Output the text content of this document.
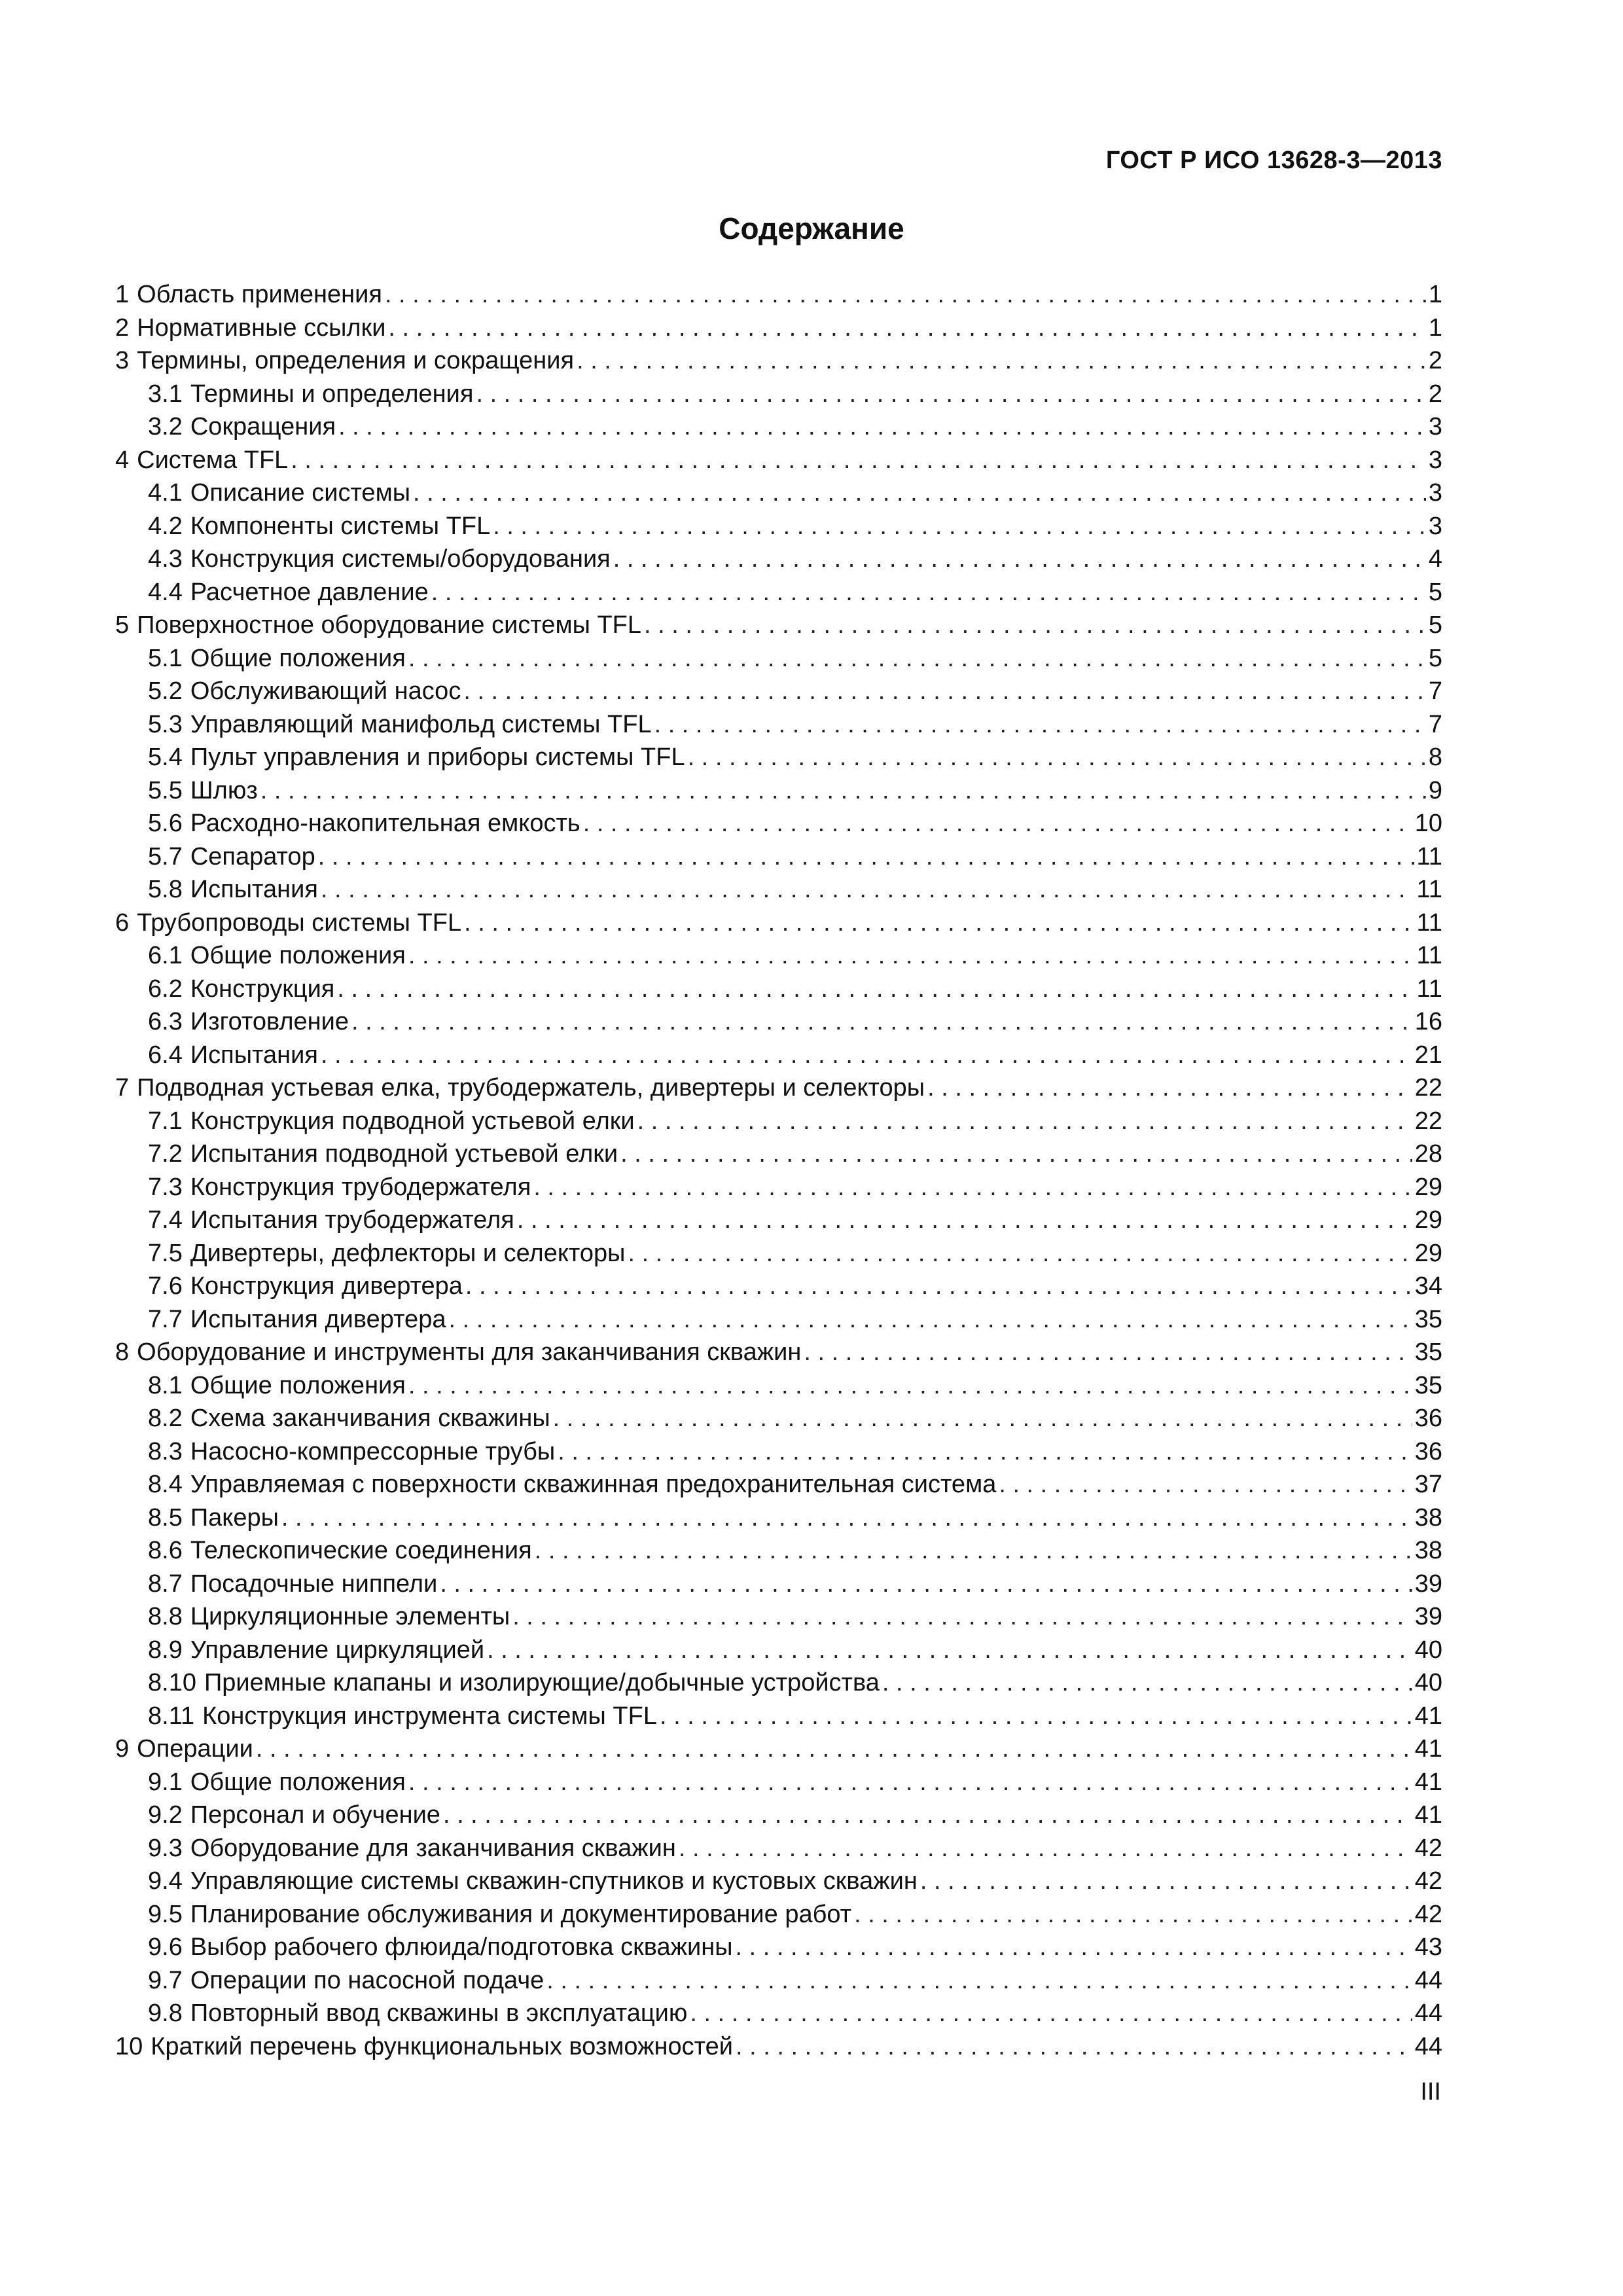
ГОСТ Р ИСО 13628-3—2013
Содержание
1 Область применения . . .	1
2 Нормативные ссылки . . .	1
3 Термины, определения и сокращения . . .	2
3.1 Термины и определения . . .	2
3.2 Сокращения . . .	3
4 Система TFL . . .	3
4.1 Описание системы . . .	3
4.2 Компоненты системы TFL . . .	3
4.3 Конструкция системы/оборудования . . .	4
4.4 Расчетное давление . . .	5
5 Поверхностное оборудование системы TFL . . .	5
5.1 Общие положения . . .	5
5.2 Обслуживающий насос . . .	7
5.3 Управляющий манифольд системы TFL . . .	7
5.4 Пульт управления и приборы системы TFL . . .	8
5.5 Шлюз . . .	9
5.6 Расходно-накопительная емкость . . .	10
5.7 Сепаратор . . .	11
5.8 Испытания . . .	11
6 Трубопроводы системы TFL . . .	11
6.1 Общие положения . . .	11
6.2 Конструкция . . .	11
6.3 Изготовление . . .	16
6.4 Испытания . . .	21
7 Подводная устьевая елка, трубодержатель, дивертеры и селекторы . . .	22
7.1 Конструкция подводной устьевой елки . . .	22
7.2 Испытания подводной устьевой елки . . .	28
7.3 Конструкция трубодержателя . . .	29
7.4 Испытания трубодержателя . . .	29
7.5 Дивертеры, дефлекторы и селекторы . . .	29
7.6 Конструкция дивертера . . .	34
7.7 Испытания дивертера . . .	35
8 Оборудование и инструменты для заканчивания скважин . . .	35
8.1 Общие положения . . .	35
8.2 Схема заканчивания скважины . . .	36
8.3 Насосно-компрессорные трубы . . .	36
8.4 Управляемая с поверхности скважинная предохранительная система . . .	37
8.5 Пакеры . . .	38
8.6 Телескопические соединения . . .	38
8.7 Посадочные ниппели . . .	39
8.8 Циркуляционные элементы . . .	39
8.9 Управление циркуляцией . . .	40
8.10 Приемные клапаны и изолирующие/добычные устройства . . .	40
8.11 Конструкция инструмента системы TFL . . .	41
9 Операции . . .	41
9.1 Общие положения . . .	41
9.2 Персонал и обучение . . .	41
9.3 Оборудование для заканчивания скважин . . .	42
9.4 Управляющие системы скважин-спутников и кустовых скважин . . .	42
9.5 Планирование обслуживания и документирование работ . . .	42
9.6 Выбор рабочего флюида/подготовка скважины . . .	43
9.7 Операции по насосной подаче . . .	44
9.8 Повторный ввод скважины в эксплуатацию . . .	44
10 Краткий перечень функциональных возможностей . . .	44
III
